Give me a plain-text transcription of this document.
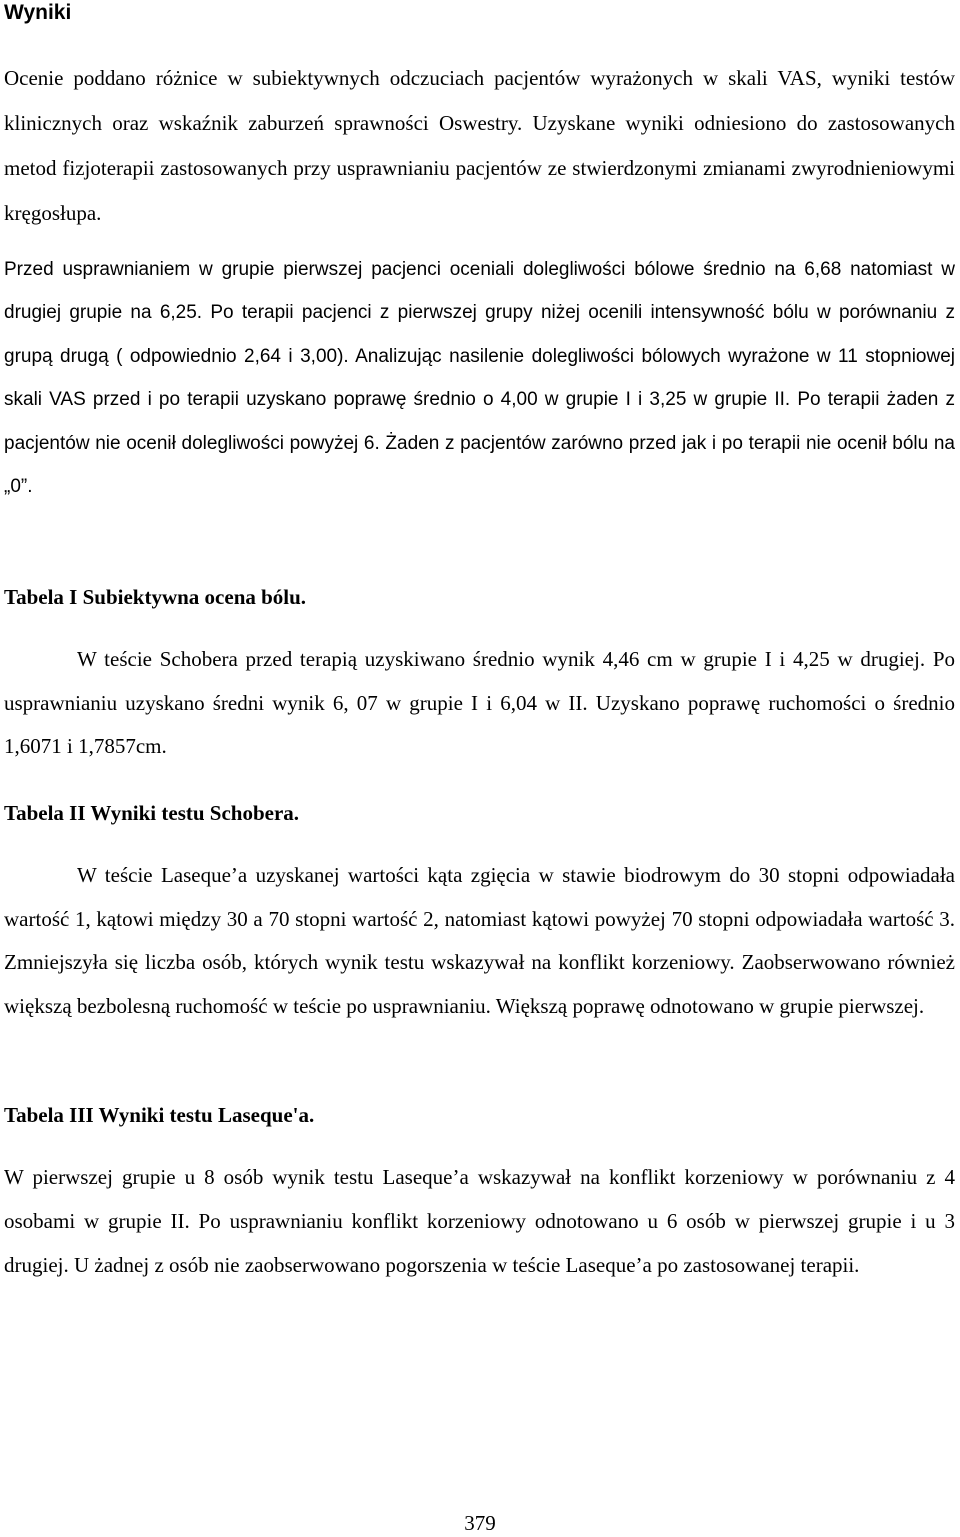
Wyniki

Ocenie poddano różnice w subiektywnych odczuciach pacjentów wyrażonych w skali VAS, wyniki testów klinicznych oraz wskaźnik zaburzeń sprawności Oswestry. Uzyskane wyniki odniesiono do zastosowanych metod fizjoterapii zastosowanych przy usprawnianiu pacjentów ze stwierdzonymi zmianami zwyrodnieniowymi kręgosłupa.

Przed usprawnianiem w grupie pierwszej pacjenci oceniali dolegliwości bólowe średnio na 6,68 natomiast w drugiej grupie na 6,25. Po terapii pacjenci z pierwszej grupy niżej ocenili intensywność bólu w porównaniu z grupą drugą ( odpowiednio 2,64 i 3,00). Analizując nasilenie dolegliwości bólowych wyrażone w 11 stopniowej skali VAS przed i po terapii uzyskano poprawę średnio o 4,00 w grupie I i 3,25 w grupie II. Po terapii żaden z pacjentów nie ocenił dolegliwości powyżej 6. Żaden z pacjentów zarówno przed jak i po terapii nie ocenił bólu na „0”.

Tabela I Subiektywna ocena bólu.

W teście Schobera przed terapią uzyskiwano średnio wynik 4,46 cm w grupie I i 4,25 w drugiej. Po usprawnianiu uzyskano średni wynik 6, 07 w grupie I i 6,04 w II. Uzyskano poprawę ruchomości o średnio 1,6071 i 1,7857cm.

Tabela II Wyniki testu Schobera.

W teście Laseque’a uzyskanej wartości kąta zgięcia w stawie biodrowym do 30 stopni odpowiadała wartość 1, kątowi między 30 a 70 stopni wartość 2, natomiast kątowi powyżej 70 stopni odpowiadała wartość 3. Zmniejszyła się liczba osób, których wynik testu wskazywał na konflikt korzeniowy. Zaobserwowano również większą bezbolesną ruchomość w teście po usprawnianiu. Większą poprawę odnotowano w grupie pierwszej.

Tabela III Wyniki testu Laseque'a.

W pierwszej grupie u 8 osób wynik testu Laseque’a wskazywał na konflikt korzeniowy w porównaniu z 4 osobami w grupie II. Po usprawnianiu konflikt korzeniowy odnotowano u 6 osób w pierwszej grupie i u 3 drugiej. U żadnej z osób nie zaobserwowano pogorszenia w teście Laseque’a po zastosowanej terapii.

379
